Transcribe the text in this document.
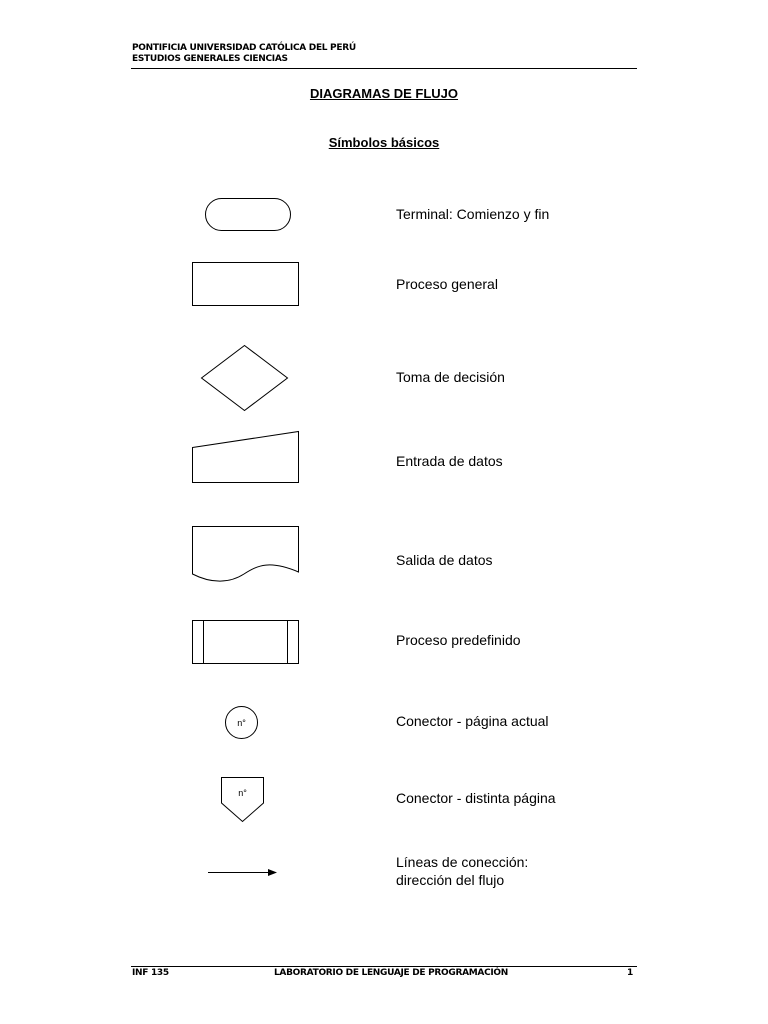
PONTIFICIA UNIVERSIDAD CATÓLICA DEL PERÚ
ESTUDIOS GENERALES CIENCIAS
DIAGRAMAS DE FLUJO
Símbolos básicos
n°
n°
Terminal: Comienzo y fin
Proceso general
Toma de decisión
Entrada de datos
Salida de datos
Proceso predefinido
Conector - página actual
Conector - distinta página
Líneas de conección:
dirección del flujo
INF 135	LABORATORIO DE LENGUAJE DE PROGRAMACIÓN	1
